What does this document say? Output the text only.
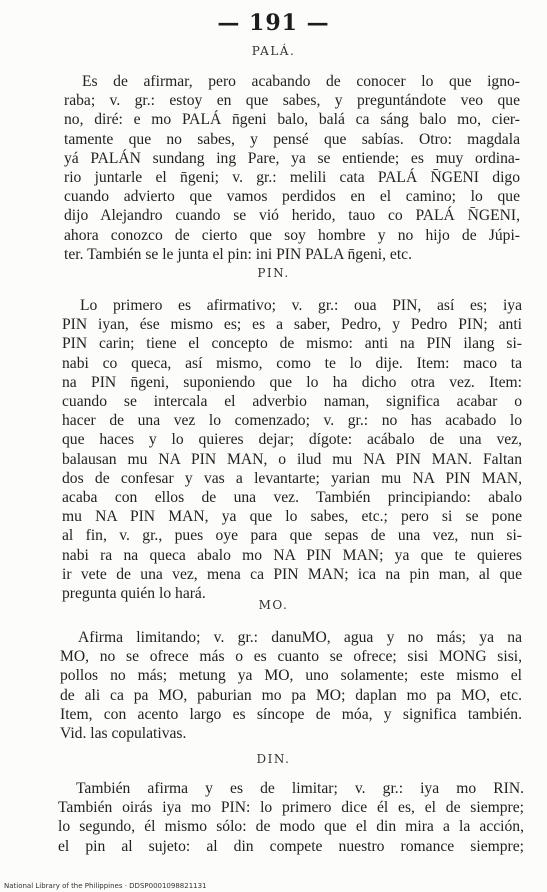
— 191 —
PALÁ.
Es de afirmar, pero acabando de conocer lo que igno-
raba; v. gr.: estoy en que sabes, y preguntándote veo que
no, diré: e mo PALÁ n̄geni balo, balá ca sáng balo mo, cier-
tamente que no sabes, y pensé que sabías. Otro: magdala
yá PALÁN sundang ing Pare, ya se entiende; es muy ordina-
rio juntarle el n̄geni; v. gr.: melili cata PALÁ N̄GENI digo
cuando advierto que vamos perdidos en el camino; lo que
dijo Alejandro cuando se vió herido, tauo co PALÁ N̄GENI,
ahora conozco de cierto que soy hombre y no hijo de Júpi-
ter. También se le junta el pin: ini PIN PALA n̄geni, etc.
PIN.
Lo primero es afirmativo; v. gr.: oua PIN, así es; iya
PIN iyan, ése mismo es; es a saber, Pedro, y Pedro PIN; anti
PIN carin; tiene el concepto de mismo: anti na PIN ilang si-
nabi co queca, así mismo, como te lo dije. Item: maco ta
na PIN n̄geni, suponiendo que lo ha dicho otra vez. Item:
cuando se intercala el adverbio naman, significa acabar o
hacer de una vez lo comenzado; v. gr.: no has acabado lo
que haces y lo quieres dejar; dígote: acábalo de una vez,
balausan mu NA PIN MAN, o ilud mu NA PIN MAN. Faltan
dos de confesar y vas a levantarte; yarian mu NA PIN MAN,
acaba con ellos de una vez. También principiando: abalo
mu NA PIN MAN, ya que lo sabes, etc.; pero si se pone
al fin, v. gr., pues oye para que sepas de una vez, nun si-
nabi ra na queca abalo mo NA PIN MAN; ya que te quieres
ir vete de una vez, mena ca PIN MAN; ica na pin man, al que
pregunta quién lo hará.
MO.
Afirma limitando; v. gr.: danuMO, agua y no más; ya na
MO, no se ofrece más o es cuanto se ofrece; sisi MONG sisi,
pollos no más; metung ya MO, uno solamente; este mismo el
de ali ca pa MO, paburian mo pa MO; daplan mo pa MO, etc.
Item, con acento largo es síncope de móa, y significa también.
Vid. las copulativas.
DIN.
También afirma y es de limitar; v. gr.: iya mo RIN.
También oirás iya mo PIN: lo primero dice él es, el de siempre;
lo segundo, él mismo sólo: de modo que el din mira a la acción,
el pin al sujeto: al din compete nuestro romance siempre;
National Library of the Philippines · DDSP0001098821131
